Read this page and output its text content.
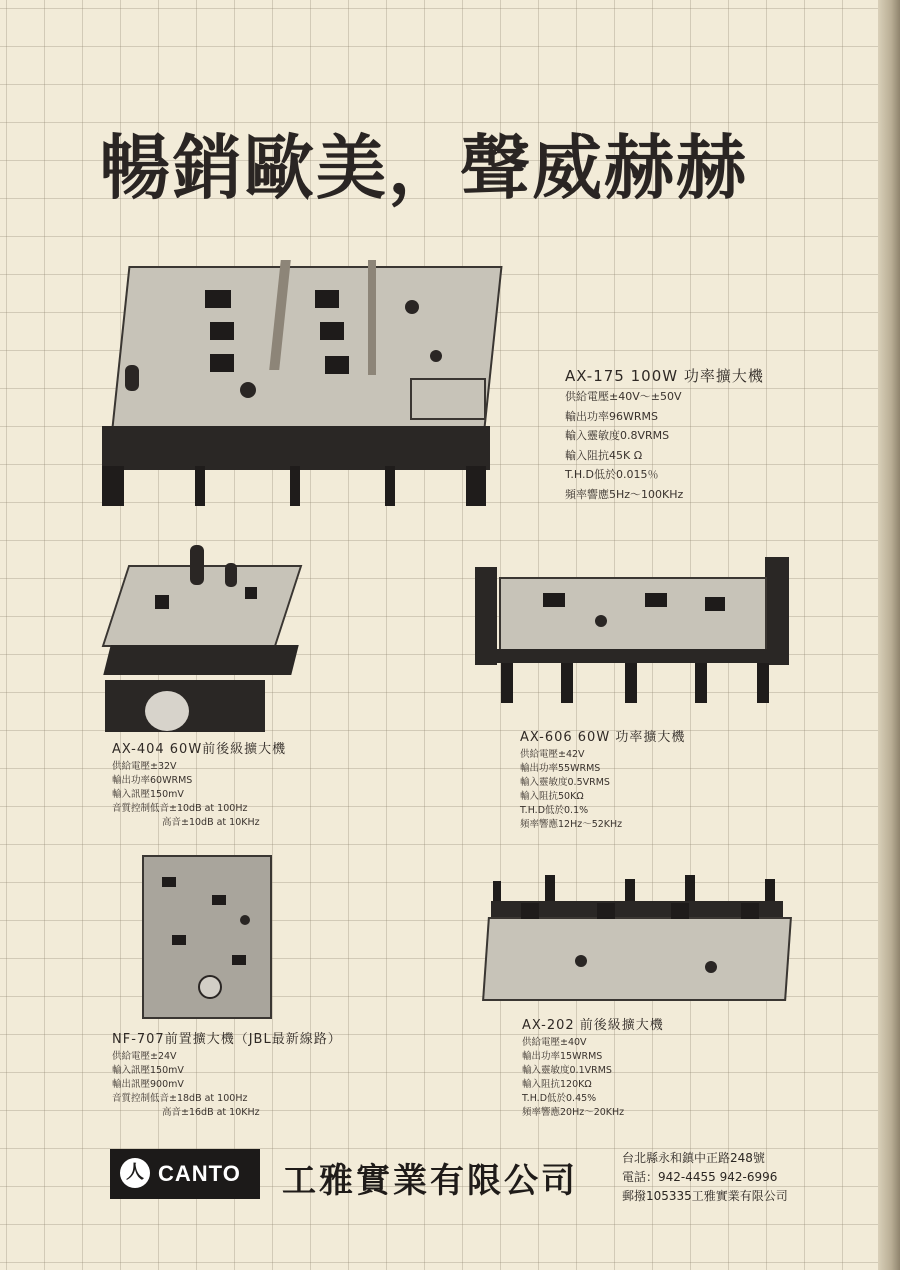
暢銷歐美，聲威赫赫
AX-175 100W 功率擴大機
供給電壓±40V～±50V
輸出功率96WRMS
輸入靈敏度0.8VRMS
輸入阻抗45K Ω
T.H.D低於0.015％
頻率響應5Hz～100KHz
AX-404 60W前後級擴大機
供給電壓±32V
輸出功率60WRMS
輸入訊壓150mV
音質控制低音±10dB at 100Hz
高音±10dB at 10KHz
AX-606 60W 功率擴大機
供給電壓±42V
輸出功率55WRMS
輸入靈敏度0.5VRMS
輸入阻抗50KΩ
T.H.D低於0.1%
頻率響應12Hz～52KHz
NF-707前置擴大機（JBL最新線路）
供給電壓±24V
輸入訊壓150mV
輸出訊壓900mV
音質控制低音±18dB at 100Hz
高音±16dB at 10KHz
AX-202 前後級擴大機
供給電壓±40V
輸出功率15WRMS
輸入靈敏度0.1VRMS
輸入阻抗120KΩ
T.H.D低於0.45%
頻率響應20Hz～20KHz
人 CANTO 工雅實業有限公司
台北縣永和鎮中正路248號
電話：942-4455 942-6996
郵撥105335工雅實業有限公司
